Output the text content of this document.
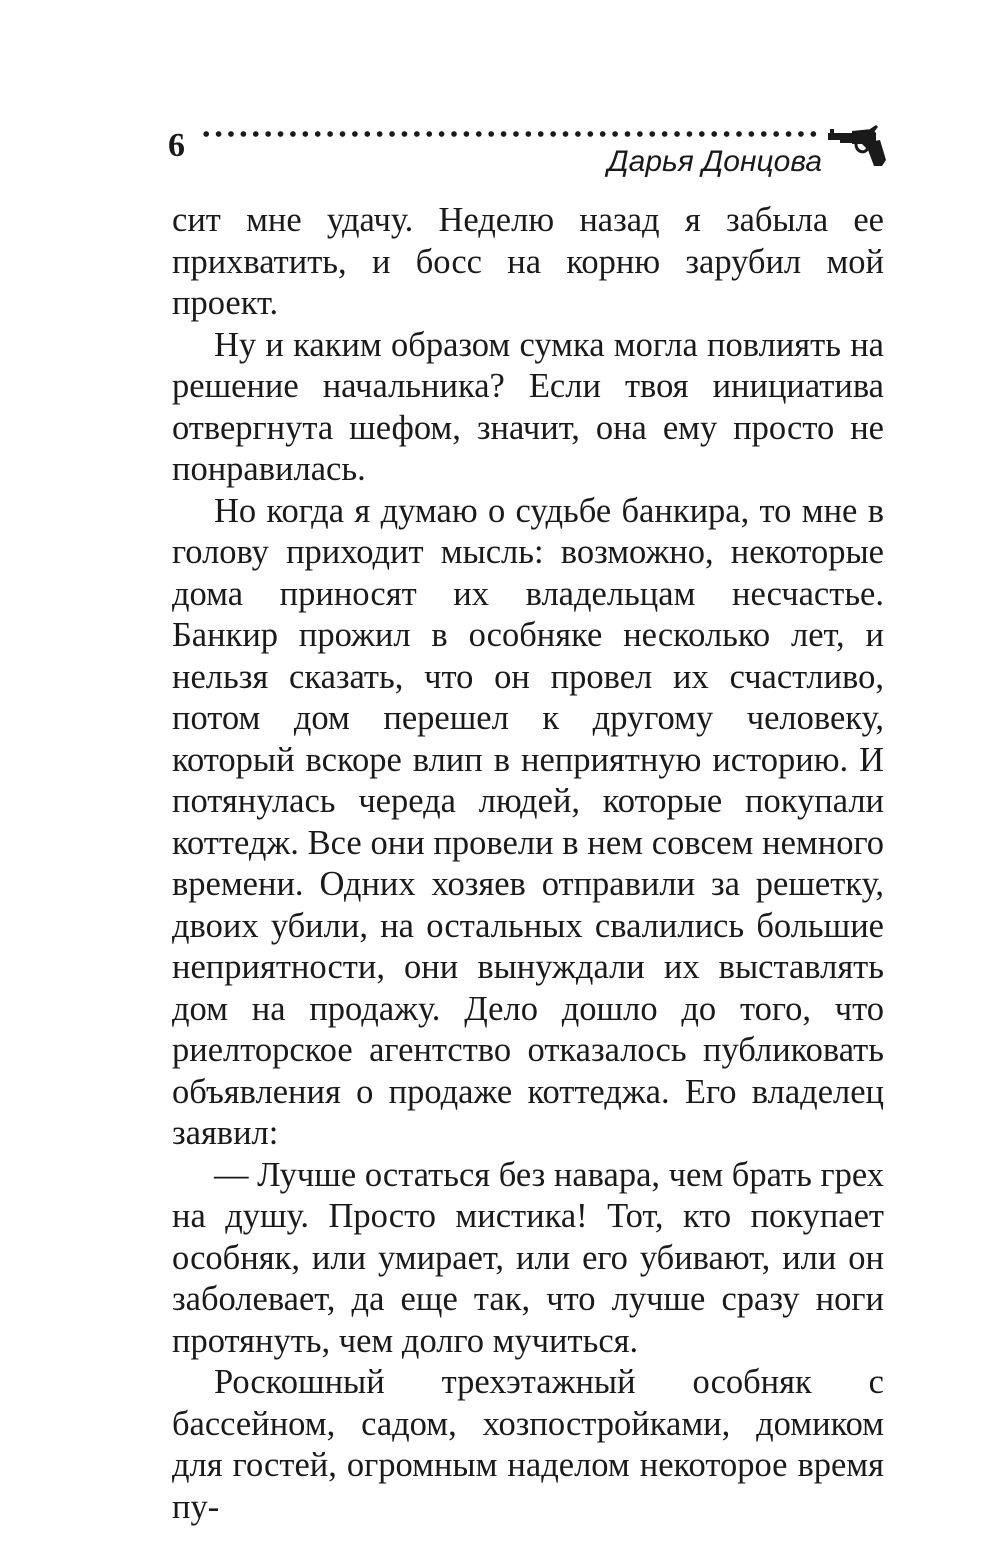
6	Дарья Донцова

сит мне удачу. Неделю назад я забыла ее прихватить, и босс на корню зарубил мой проект.

Ну и каким образом сумка могла повлиять на решение начальника? Если твоя инициатива отвергнута шефом, значит, она ему просто не понравилась.

Но когда я думаю о судьбе банкира, то мне в голову приходит мысль: возможно, некоторые дома приносят их владельцам несчастье. Банкир прожил в особняке несколько лет, и нельзя сказать, что он провел их счастливо, потом дом перешел к другому человеку, который вскоре влип в неприятную историю. И потянулась череда людей, которые покупали коттедж. Все они провели в нем совсем немного времени. Одних хозяев отправили за решетку, двоих убили, на остальных свалились большие неприятности, они вынуждали их выставлять дом на продажу. Дело дошло до того, что риелторское агентство отказалось публиковать объявления о продаже коттеджа. Его владелец заявил:

— Лучше остаться без навара, чем брать грех на душу. Просто мистика! Тот, кто покупает особняк, или умирает, или его убивают, или он заболевает, да еще так, что лучше сразу ноги протянуть, чем долго мучиться.

Роскошный трехэтажный особняк с бассейном, садом, хозпостройками, домиком для гостей, огромным наделом некоторое время пу-
